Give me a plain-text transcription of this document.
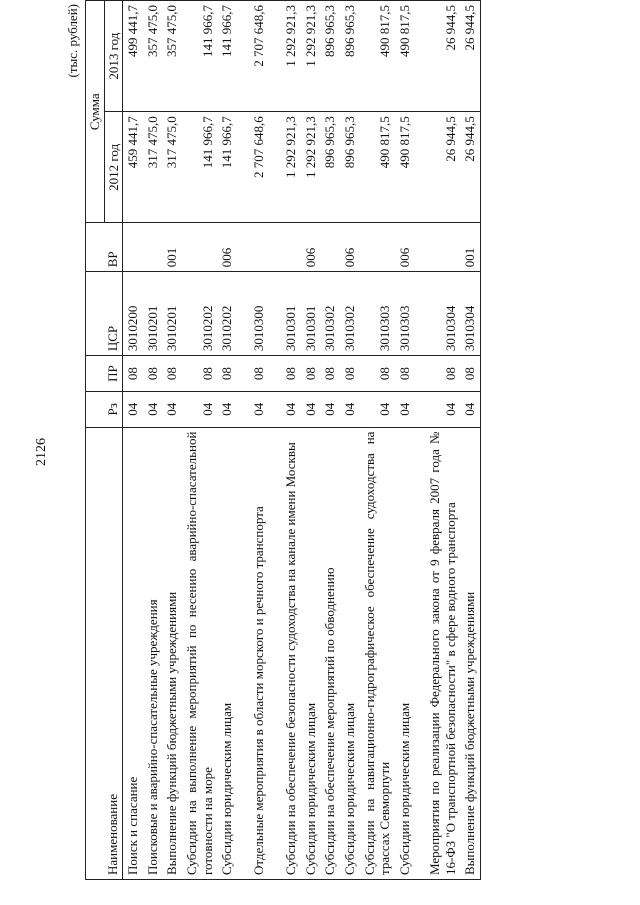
2126
(тыс. рублей)
Наименование	Рз	ПР	ЦСР	ВР	Сумма	
					2012 год	2013 год
Поиск и спасание	04	08	3010200		459 441,7	499 441,7
Поисковые и аварийно-спасательные учреждения	04	08	3010201		317 475,0	357 475,0
Выполнение функций бюджетными учреждениями	04	08	3010201	001	317 475,0	357 475,0
Субсидии на выполнение мероприятий по несению аварийно-спасательной готовности на море	04	08	3010202		141 966,7	141 966,7
Субсидии юридическим лицам	04	08	3010202	006	141 966,7	141 966,7
Отдельные мероприятия в области морского и речного транспорта	04	08	3010300		2 707 648,6	2 707 648,6
Субсидии на обеспечение безопасности судоходства на канале имени Москвы	04	08	3010301		1 292 921,3	1 292 921,3
Субсидии юридическим лицам	04	08	3010301	006	1 292 921,3	1 292 921,3
Субсидии на обеспечение мероприятий по обводнению	04	08	3010302		896 965,3	896 965,3
Субсидии юридическим лицам	04	08	3010302	006	896 965,3	896 965,3
Субсидии на навигационно-гидрографическое обеспечение судоходства на трассах Севморпути	04	08	3010303		490 817,5	490 817,5
Субсидии юридическим лицам	04	08	3010303	006	490 817,5	490 817,5
Мероприятия по реализации Федерального закона от 9 февраля 2007 года № 16-ФЗ "О транспортной безопасности" в сфере водного транспорта	04	08	3010304		26 944,5	26 944,5
Выполнение функций бюджетными учреждениями	04	08	3010304	001	26 944,5	26 944,5
